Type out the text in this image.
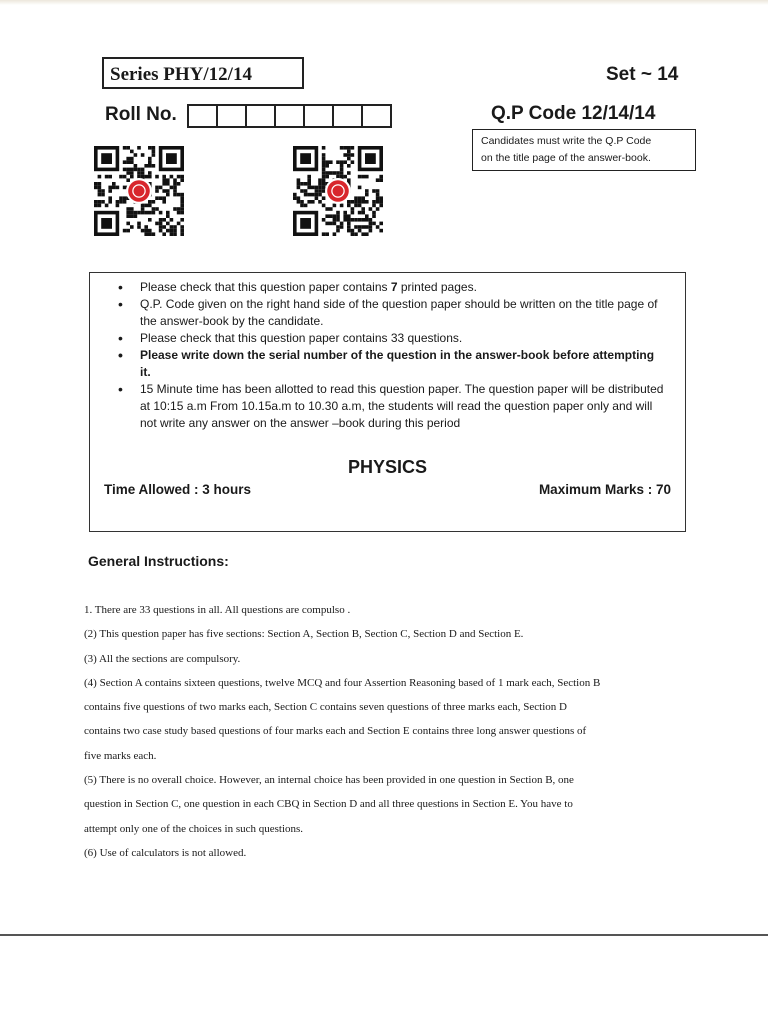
Series PHY/12/14	Set ~ 14
Roll No.	Q.P Code 12/14/14
Candidates must write the Q.P Code
on the title page of the answer-book.
• Please check that this question paper contains 7 printed pages.
• Q.P. Code given on the right hand side of the question paper should be written on the title page of the answer-book by the candidate.
• Please check that this question paper contains 33 questions.
• Please write down the serial number of the question in the answer-book before attempting it.
• 15 Minute time has been allotted to read this question paper. The question paper will be distributed at 10:15 a.m From 10.15a.m to 10.30 a.m, the students will read the question paper only and will not write any answer on the answer –book during this period
PHYSICS
Time Allowed : 3 hours	Maximum Marks : 70
General Instructions:

1. There are 33 questions in all. All questions are compulso .

(2) This question paper has five sections: Section A, Section B, Section C, Section D and Section E.

(3) All the sections are compulsory.

(4) Section A contains sixteen questions, twelve MCQ and four Assertion Reasoning based of 1 mark each, Section B

contains five questions of two marks each, Section C contains seven questions of three marks each, Section D

contains two case study based questions of four marks each and Section E contains three long answer questions of

five marks each.

(5) There is no overall choice. However, an internal choice has been provided in one question in Section B, one

question in Section C, one question in each CBQ in Section D and all three questions in Section E. You have to

attempt only one of the choices in such questions.

(6) Use of calculators is not allowed.
